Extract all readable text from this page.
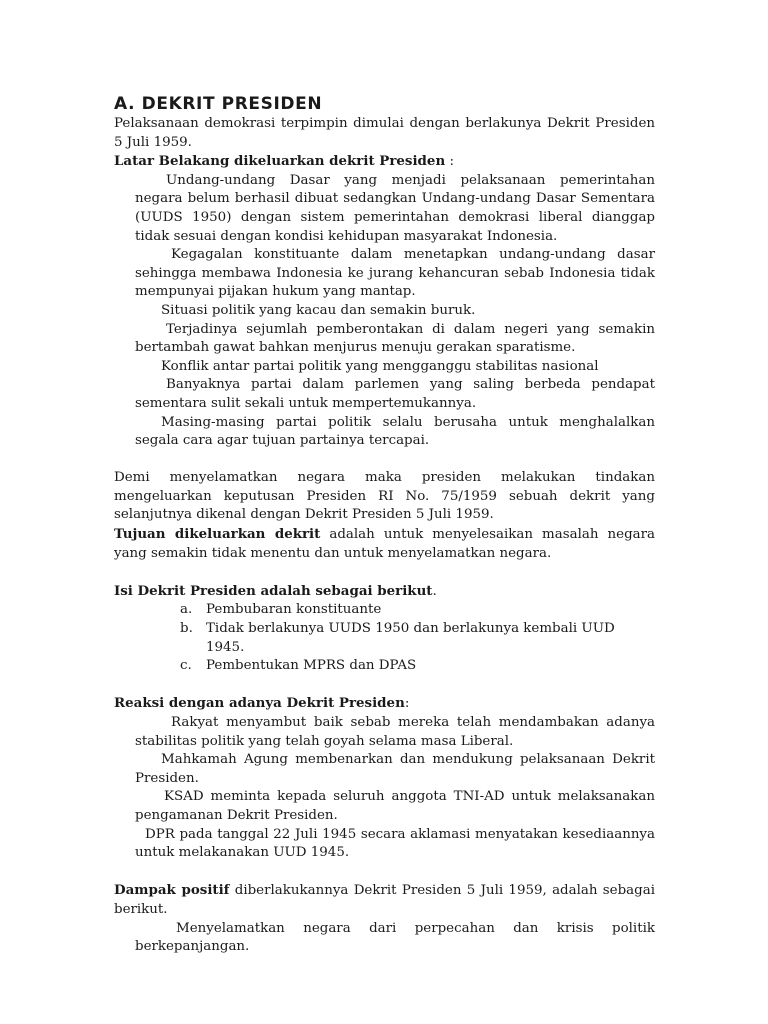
A. DEKRIT PRESIDEN

Pelaksanaan demokrasi terpimpin dimulai dengan berlakunya Dekrit Presiden 5 Juli 1959.

Latar Belakang dikeluarkan dekrit Presiden :

Undang-undang Dasar yang menjadi pelaksanaan pemerintahan negara belum berhasil dibuat sedangkan Undang-undang Dasar Sementara (UUDS 1950) dengan sistem pemerintahan demokrasi liberal dianggap tidak sesuai dengan kondisi kehidupan masyarakat Indonesia.

Kegagalan konstituante dalam menetapkan undang-undang dasar sehingga membawa Indonesia ke jurang kehancuran sebab Indonesia tidak mempunyai pijakan hukum yang mantap.

Situasi politik yang kacau dan semakin buruk.

Terjadinya sejumlah pemberontakan di dalam negeri yang semakin bertambah gawat bahkan menjurus menuju gerakan sparatisme.

Konflik antar partai politik yang mengganggu stabilitas nasional

Banyaknya partai dalam parlemen yang saling berbeda pendapat sementara sulit sekali untuk mempertemukannya.

Masing-masing partai politik selalu berusaha untuk menghalalkan segala cara agar tujuan partainya tercapai.

Demi menyelamatkan negara maka presiden melakukan tindakan mengeluarkan keputusan Presiden RI No. 75/1959 sebuah dekrit yang selanjutnya dikenal dengan Dekrit Presiden 5 Juli 1959.

Tujuan dikeluarkan dekrit adalah untuk menyelesaikan masalah negara yang semakin tidak menentu dan untuk menyelamatkan negara.

Isi Dekrit Presiden adalah sebagai berikut.

a.	Pembubaran konstituante
b. Tidak berlakunya UUDS 1950 dan berlakunya kembali UUD 1945.
c.	Pembentukan MPRS dan DPAS

Reaksi dengan adanya Dekrit Presiden:

Rakyat menyambut baik sebab mereka telah mendambakan adanya stabilitas politik yang telah goyah selama masa Liberal.

Mahkamah Agung membenarkan dan mendukung pelaksanaan Dekrit Presiden.

KSAD meminta kepada seluruh anggota TNI-AD untuk melaksanakan pengamanan Dekrit Presiden.

DPR pada tanggal 22 Juli 1945 secara aklamasi menyatakan kesediaannya untuk melakanakan UUD 1945.

Dampak positif diberlakukannya Dekrit Presiden 5 Juli 1959, adalah sebagai berikut.

Menyelamatkan negara dari perpecahan dan krisis politik berkepanjangan.
